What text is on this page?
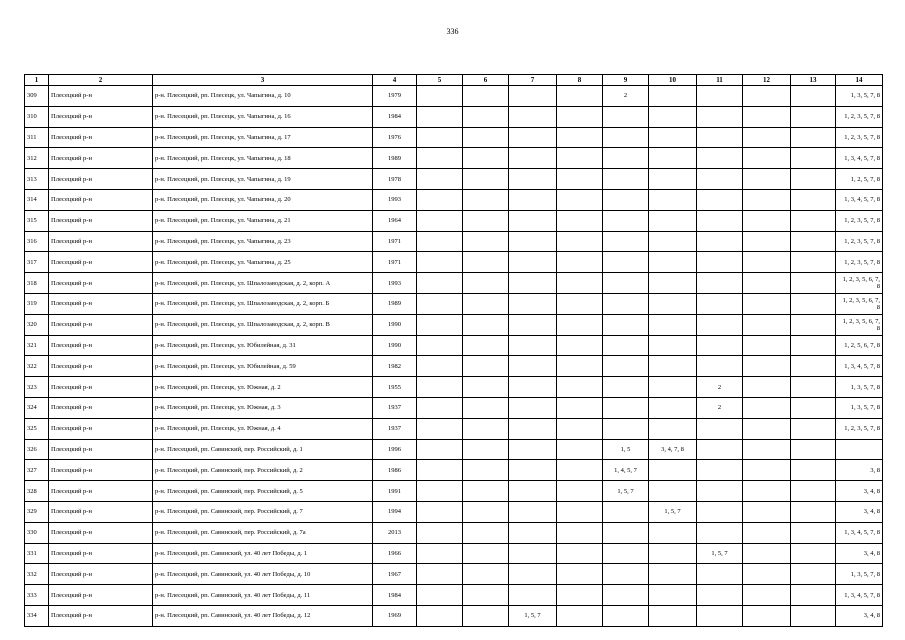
336
1	2	3	4	5	6	7	8	9	10	11	12	13	14
309	Плесецкий р-н	р-н. Плесецкий, рп. Плесецк, ул. Чапыгина, д. 10	1979					2					1, 3, 5, 7, 8
310	Плесецкий р-н	р-н. Плесецкий, рп. Плесецк, ул. Чапыгина, д. 16	1984										1, 2, 3, 5, 7, 8
311	Плесецкий р-н	р-н. Плесецкий, рп. Плесецк, ул. Чапыгина, д. 17	1976										1, 2, 3, 5, 7, 8
312	Плесецкий р-н	р-н. Плесецкий, рп. Плесецк, ул. Чапыгина, д. 18	1989										1, 3, 4, 5, 7, 8
313	Плесецкий р-н	р-н. Плесецкий, рп. Плесецк, ул. Чапыгина, д. 19	1978										1, 2, 5, 7, 8
314	Плесецкий р-н	р-н. Плесецкий, рп. Плесецк, ул. Чапыгина, д. 20	1993										1, 3, 4, 5, 7, 8
315	Плесецкий р-н	р-н. Плесецкий, рп. Плесецк, ул. Чапыгина, д. 21	1964										1, 2, 3, 5, 7, 8
316	Плесецкий р-н	р-н. Плесецкий, рп. Плесецк, ул. Чапыгина, д. 23	1971										1, 2, 3, 5, 7, 8
317	Плесецкий р-н	р-н. Плесецкий, рп. Плесецк, ул. Чапыгина, д. 25	1971										1, 2, 3, 5, 7, 8
318	Плесецкий р-н	р-н. Плесецкий, рп. Плесецк, ул. Шпалозаводская, д. 2, корп. А	1993										1, 2, 3, 5, 6, 7, 8
319	Плесецкий р-н	р-н. Плесецкий, рп. Плесецк, ул. Шпалозаводская, д. 2, корп. Б	1989										1, 2, 3, 5, 6, 7, 8
320	Плесецкий р-н	р-н. Плесецкий, рп. Плесецк, ул. Шпалозаводская, д. 2, корп. В	1990										1, 2, 3, 5, 6, 7, 8
321	Плесецкий р-н	р-н. Плесецкий, рп. Плесецк, ул. Юбилейная, д. 31	1990										1, 2, 5, 6, 7, 8
322	Плесецкий р-н	р-н. Плесецкий, рп. Плесецк, ул. Юбилейная, д. 59	1982										1, 3, 4, 5, 7, 8
323	Плесецкий р-н	р-н. Плесецкий, рп. Плесецк, ул. Южная, д. 2	1955							2			1, 3, 5, 7, 8
324	Плесецкий р-н	р-н. Плесецкий, рп. Плесецк, ул. Южная, д. 3	1937							2			1, 3, 5, 7, 8
325	Плесецкий р-н	р-н. Плесецкий, рп. Плесецк, ул. Южная, д. 4	1937										1, 2, 3, 5, 7, 8
326	Плесецкий р-н	р-н. Плесецкий, рп. Савинский, пер. Российский, д. 1	1996					1, 5	3, 4, 7, 8				
327	Плесецкий р-н	р-н. Плесецкий, рп. Савинский, пер. Российский, д. 2	1986					1, 4, 5, 7					3, 8
328	Плесецкий р-н	р-н. Плесецкий, рп. Савинский, пер. Российский, д. 5	1991					1, 5, 7					3, 4, 8
329	Плесецкий р-н	р-н. Плесецкий, рп. Савинский, пер. Российский, д. 7	1994						1, 5, 7				3, 4, 8
330	Плесецкий р-н	р-н. Плесецкий, рп. Савинский, пер. Российский, д. 7а	2013										1, 3, 4, 5, 7, 8
331	Плесецкий р-н	р-н. Плесецкий, рп. Савинский, ул. 40 лет Победы, д. 1	1966							1, 5, 7			3, 4, 8
332	Плесецкий р-н	р-н. Плесецкий, рп. Савинский, ул. 40 лет Победы, д. 10	1967										1, 3, 5, 7, 8
333	Плесецкий р-н	р-н. Плесецкий, рп. Савинский, ул. 40 лет Победы, д. 11	1984										1, 3, 4, 5, 7, 8
334	Плесецкий р-н	р-н. Плесецкий, рп. Савинский, ул. 40 лет Победы, д. 12	1969			1, 5, 7							3, 4, 8
